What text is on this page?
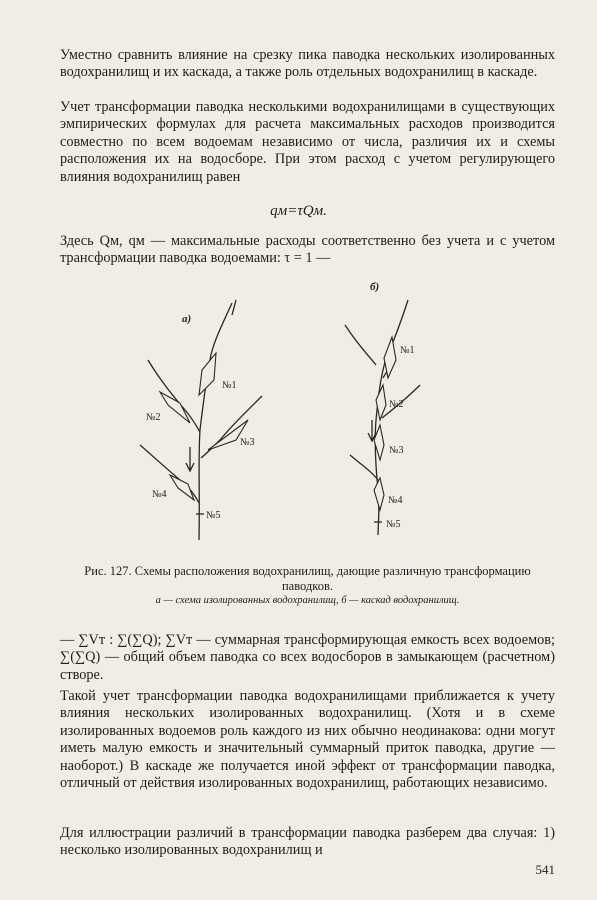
Уместно сравнить влияние на срезку пика паводка нескольких изолированных водохранилищ и их каскада, а также роль отдельных водохранилищ в каскаде.

Учет трансформации паводка несколькими водохранилищами в существующих эмпирических формулах для расчета максимальных расходов производится совместно по всем водоемам независимо от числа, различия их и схемы расположения их на водосборе. При этом расход с учетом регулирующего влияния водохранилищ равен

qм=τQм.

Здесь Qм, qм — максимальные расходы соответственно без учета и с учетом трансформации паводка водоемами: τ = 1 —

а)
№1
№2
№3
№4
№5
б)
№1
№2
№3
№4
№5
Рис. 127. Схемы расположения водохранилищ, дающие различную трансформацию паводков.
а — схема изолированных водохранилищ, б — каскад водохранилищ.

— ∑Vт : ∑(∑Q); ∑Vт — суммарная трансформирующая емкость всех водоемов; ∑(∑Q) — общий объем паводка со всех водосборов в замыкающем (расчетном) створе.

Такой учет трансформации паводка водохранилищами приближается к учету влияния нескольких изолированных водохранилищ. (Хотя и в схеме изолированных водоемов роль каждого из них обычно неодинакова: одни могут иметь малую емкость и значительный суммарный приток паводка, другие — наоборот.) В каскаде же получается иной эффект от трансформации паводка, отличный от действия изолированных водохранилищ, работающих независимо.

Для иллюстрации различий в трансформации паводка разберем два случая: 1) несколько изолированных водохранилищ и

541
